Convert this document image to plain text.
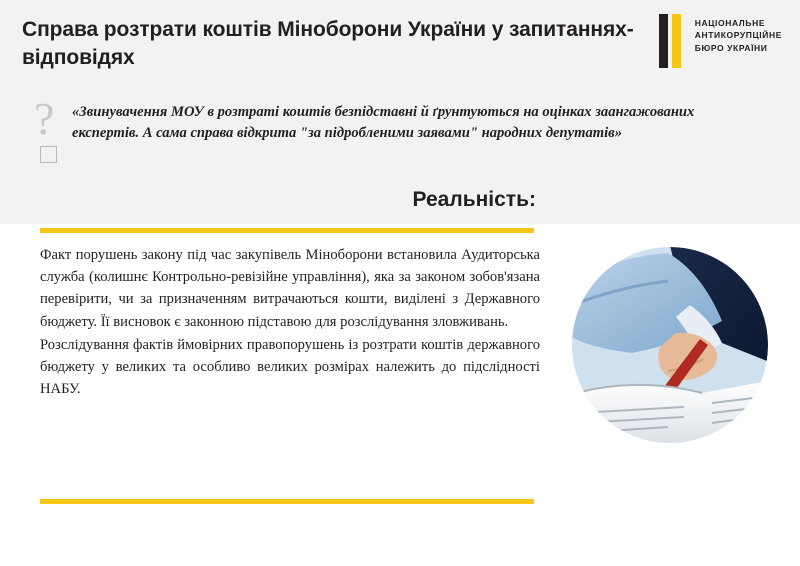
Справа розтрати коштів Міноборони України у запитаннях-відповідях
НАЦІОНАЛЬНЕ
АНТИКОРУПЦІЙНЕ
БЮРО УКРАЇНИ
? «Звинувачення МОУ в розтраті коштів безпідставні й ґрунтуються на оцінках заангажованих експертів. А сама справа відкрита "за підробленими заявами" народних депутатів»
Реальність:

Факт порушень закону під час закупівель Міноборони встановила Аудиторська служба (колишнє Контрольно-ревізійне управління), яка за законом зобов'язана перевірити, чи за призначенням витрачаються кошти, виділені з Державного бюджету. Її висновок є законною підставою для розслідування зловживань.

Розслідування фактів ймовірних правопорушень із розтрати коштів державного бюджету у великих та особливо великих розмірах належить до підслідності НАБУ.
